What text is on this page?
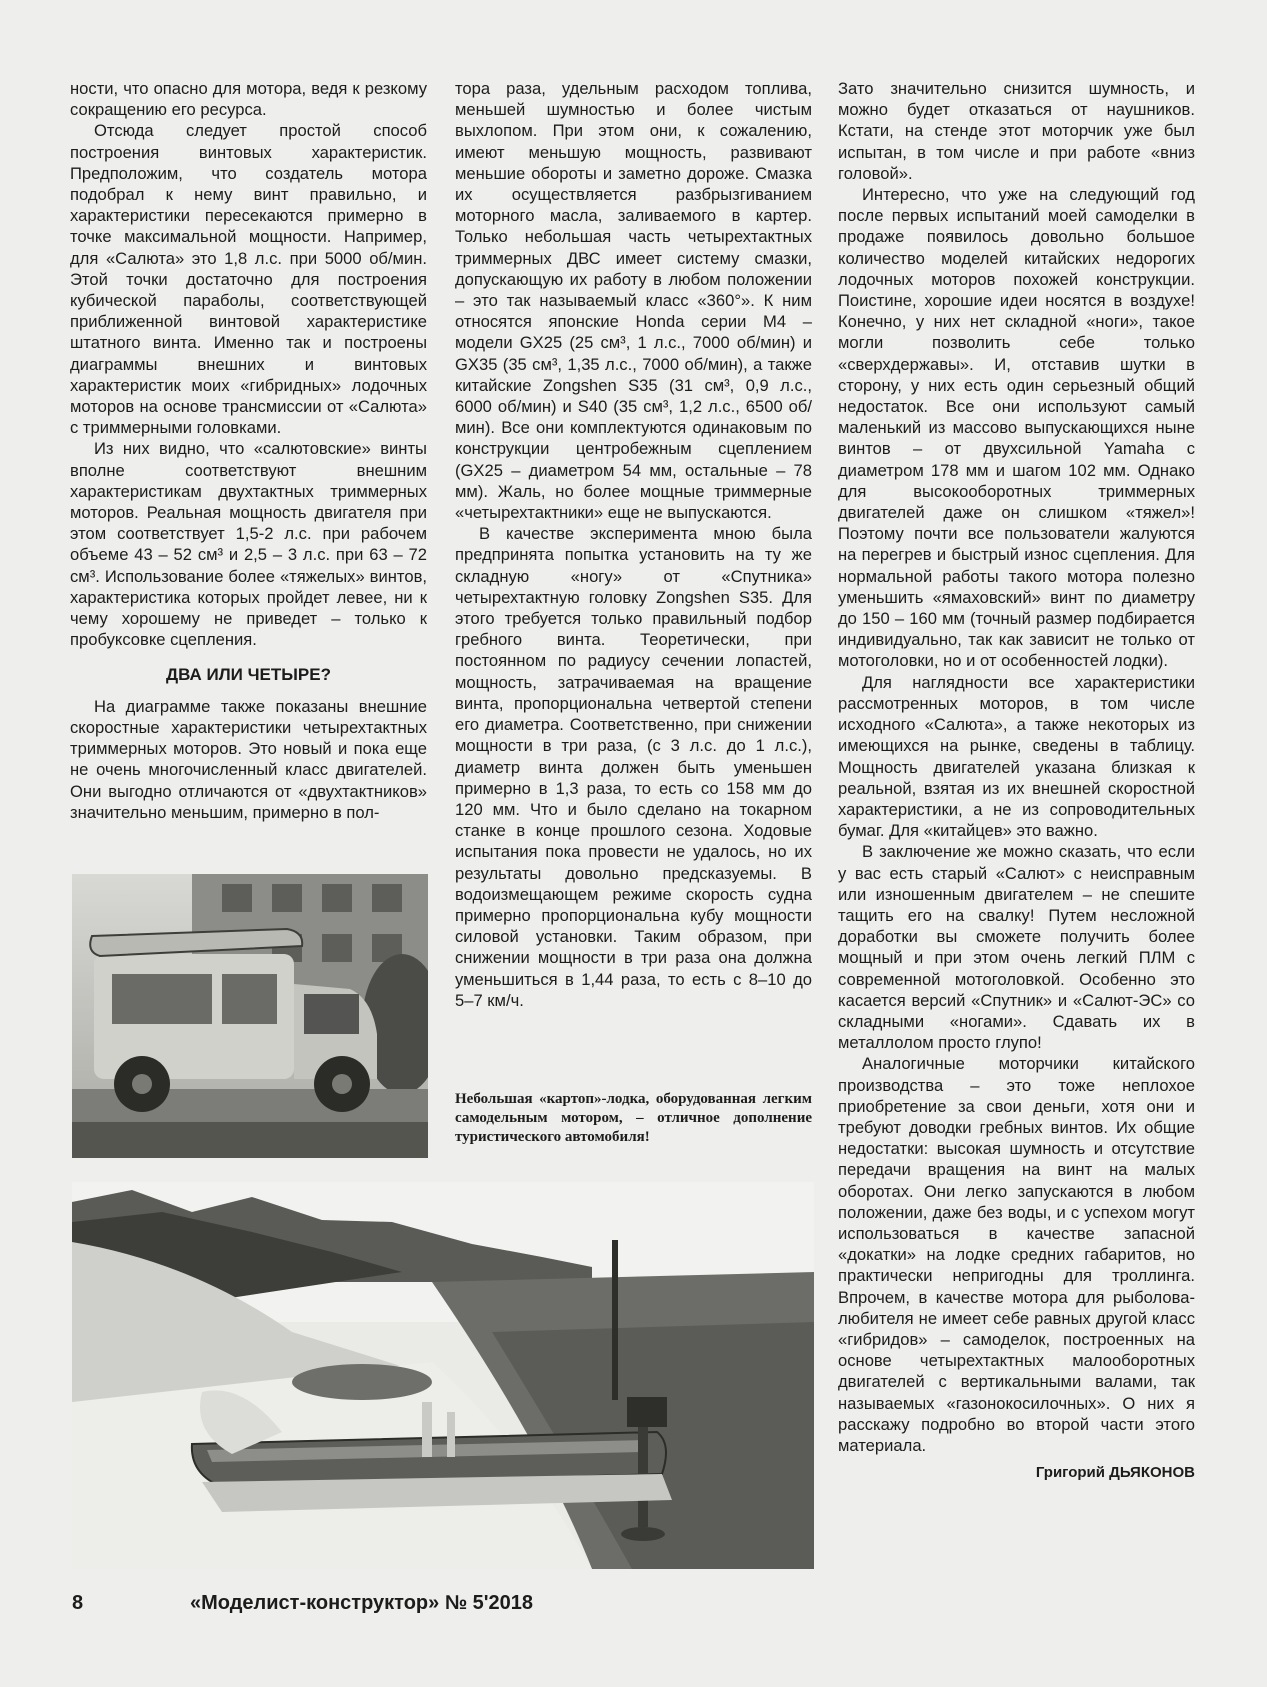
ности, что опасно для мотора, ведя к резкому сокращению его ресурса.

Отсюда следует простой способ построения винтовых характеристик. Предположим, что создатель мотора подобрал к нему винт правильно, и характеристики пересекаются примерно в точке максимальной мощности. Например, для «Салюта» это 1,8 л.с. при 5000 об/мин. Этой точки достаточно для построения кубической параболы, соответствующей приближенной винтовой характеристике штатного винта. Именно так и построены диаграммы внешних и винтовых характеристик моих «гибридных» лодочных моторов на основе трансмиссии от «Салюта» с триммерными головками.

Из них видно, что «салютовские» винты вполне соответствуют внешним характеристикам двухтактных триммерных моторов. Реальная мощность двигателя при этом соответствует 1,5-2 л.с. при рабочем объеме 43 – 52 см³ и 2,5 – 3 л.с. при 63 – 72 см³. Использование более «тяжелых» винтов, характеристика которых пройдет левее, ни к чему хорошему не приведет – только к пробуксовке сцепления.

ДВА ИЛИ ЧЕТЫРЕ?

На диаграмме также показаны внешние скоростные характеристики четырехтактных триммерных моторов. Это новый и пока еще не очень многочисленный класс двигателей. Они выгодно отличаются от «двухтактников» значительно меньшим, примерно в пол-

тора раза, удельным расходом топлива, меньшей шумностью и более чистым выхлопом. При этом они, к сожалению, имеют меньшую мощность, развивают меньшие обороты и заметно дороже. Смазка их осуществляется разбрызгиванием моторного масла, заливаемого в картер. Только небольшая часть четырехтактных триммерных ДВС имеет систему смазки, допускающую их работу в любом положении – это так называемый класс «360°». К ним относятся японские Honda серии М4 – модели GX25 (25 см³, 1 л.с., 7000 об/мин) и GX35 (35 см³, 1,35 л.с., 7000 об/мин), а также китайские Zongshen S35 (31 см³, 0,9 л.с., 6000 об/мин) и S40 (35 см³, 1,2 л.с., 6500 об/мин). Все они комплектуются одинаковым по конструкции центробежным сцеплением (GX25 – диаметром 54 мм, остальные – 78 мм). Жаль, но более мощные триммерные «четырехтактники» еще не выпускаются.

В качестве эксперимента мною была предпринята попытка установить на ту же складную «ногу» от «Спутника» четырехтактную головку Zongshen S35. Для этого требуется только правильный подбор гребного винта. Теоретически, при постоянном по радиусу сечении лопастей, мощность, затрачиваемая на вращение винта, пропорциональна четвертой степени его диаметра. Соответственно, при снижении мощности в три раза, (с 3 л.с. до 1 л.с.), диаметр винта должен быть уменьшен примерно в 1,3 раза, то есть со 158 мм до 120 мм. Что и было сделано на токарном станке в конце прошлого сезона. Ходовые испытания пока провести не удалось, но их результаты довольно предсказуемы. В водоизмещающем режиме скорость судна примерно пропорциональна кубу мощности силовой установки. Таким образом, при снижении мощности в три раза она должна уменьшиться в 1,44 раза, то есть с 8–10 до 5–7 км/ч.

Небольшая «картоп»-лодка, оборудованная легким самодельным мотором, – отличное дополнение туристического автомобиля!

Зато значительно снизится шумность, и можно будет отказаться от наушников. Кстати, на стенде этот моторчик уже был испытан, в том числе и при работе «вниз головой».

Интересно, что уже на следующий год после первых испытаний моей самоделки в продаже появилось довольно большое количество моделей китайских недорогих лодочных моторов похожей конструкции. Поистине, хорошие идеи носятся в воздухе! Конечно, у них нет складной «ноги», такое могли позволить себе только «сверхдержавы». И, отставив шутки в сторону, у них есть один серьезный общий недостаток. Все они используют самый маленький из массово выпускающихся ныне винтов – от двухсильной Yamaha с диаметром 178 мм и шагом 102 мм. Однако для высокооборотных триммерных двигателей даже он слишком «тяжел»! Поэтому почти все пользователи жалуются на перегрев и быстрый износ сцепления. Для нормальной работы такого мотора полезно уменьшить «ямаховский» винт по диаметру до 150 – 160 мм (точный размер подбирается индивидуально, так как зависит не только от мотоголовки, но и от особенностей лодки).

Для наглядности все характеристики рассмотренных моторов, в том числе исходного «Салюта», а также некоторых из имеющихся на рынке, сведены в таблицу. Мощность двигателей указана близкая к реальной, взятая из их внешней скоростной характеристики, а не из сопроводительных бумаг. Для «китайцев» это важно.

В заключение же можно сказать, что если у вас есть старый «Салют» с неисправным или изношенным двигателем – не спешите тащить его на свалку! Путем несложной доработки вы сможете получить более мощный и при этом очень легкий ПЛМ с современной мотоголовкой. Особенно это касается версий «Спутник» и «Салют-ЭС» со складными «ногами». Сдавать их в металлолом просто глупо!

Аналогичные моторчики китайского производства – это тоже неплохое приобретение за свои деньги, хотя они и требуют доводки гребных винтов. Их общие недостатки: высокая шумность и отсутствие передачи вращения на винт на малых оборотах. Они легко запускаются в любом положении, даже без воды, и с успехом могут использоваться в качестве запасной «докатки» на лодке средних габаритов, но практически непригодны для троллинга. Впрочем, в качестве мотора для рыболова-любителя не имеет себе равных другой класс «гибридов» – самоделок, построенных на основе четырехтактных малооборотных двигателей с вертикальными валами, так называемых «газонокосилочных». О них я расскажу подробно во второй части этого материала.

Григорий ДЬЯКОНОВ

8	«Моделист-конструктор» № 5'2018
